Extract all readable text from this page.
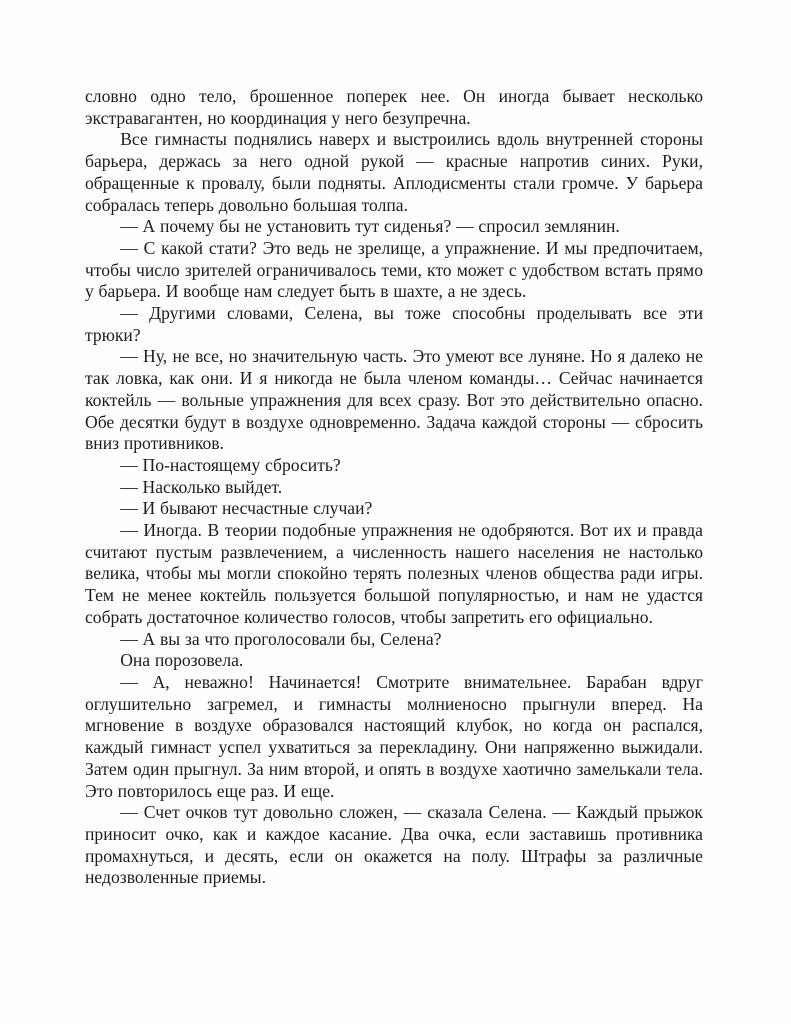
словно одно тело, брошенное поперек нее. Он иногда бывает несколько экстравагантен, но координация у него безупречна.

Все гимнасты поднялись наверх и выстроились вдоль внутренней стороны барьера, держась за него одной рукой — красные напротив синих. Руки, обращенные к провалу, были подняты. Аплодисменты стали громче. У барьера собралась теперь довольно большая толпа.

— А почему бы не установить тут сиденья? — спросил землянин.

— С какой стати? Это ведь не зрелище, а упражнение. И мы предпочитаем, чтобы число зрителей ограничивалось теми, кто может с удобством встать прямо у барьера. И вообще нам следует быть в шахте, а не здесь.

— Другими словами, Селена, вы тоже способны проделывать все эти трюки?

— Ну, не все, но значительную часть. Это умеют все луняне. Но я далеко не так ловка, как они. И я никогда не была членом команды… Сейчас начинается коктейль — вольные упражнения для всех сразу. Вот это действительно опасно. Обе десятки будут в воздухе одновременно. Задача каждой стороны — сбросить вниз противников.

— По-настоящему сбросить?

— Насколько выйдет.

— И бывают несчастные случаи?

— Иногда. В теории подобные упражнения не одобряются. Вот их и правда считают пустым развлечением, а численность нашего населения не настолько велика, чтобы мы могли спокойно терять полезных членов общества ради игры. Тем не менее коктейль пользуется большой популярностью, и нам не удастся собрать достаточное количество голосов, чтобы запретить его официально.

— А вы за что проголосовали бы, Селена?

Она порозовела.

— А, неважно! Начинается! Смотрите внимательнее. Барабан вдруг оглушительно загремел, и гимнасты молниеносно прыгнули вперед. На мгновение в воздухе образовался настоящий клубок, но когда он распался, каждый гимнаст успел ухватиться за перекладину. Они напряженно выжидали. Затем один прыгнул. За ним второй, и опять в воздухе хаотично замелькали тела. Это повторилось еще раз. И еще.

— Счет очков тут довольно сложен, — сказала Селена. — Каждый прыжок приносит очко, как и каждое касание. Два очка, если заставишь противника промахнуться, и десять, если он окажется на полу. Штрафы за различные недозволенные приемы.
